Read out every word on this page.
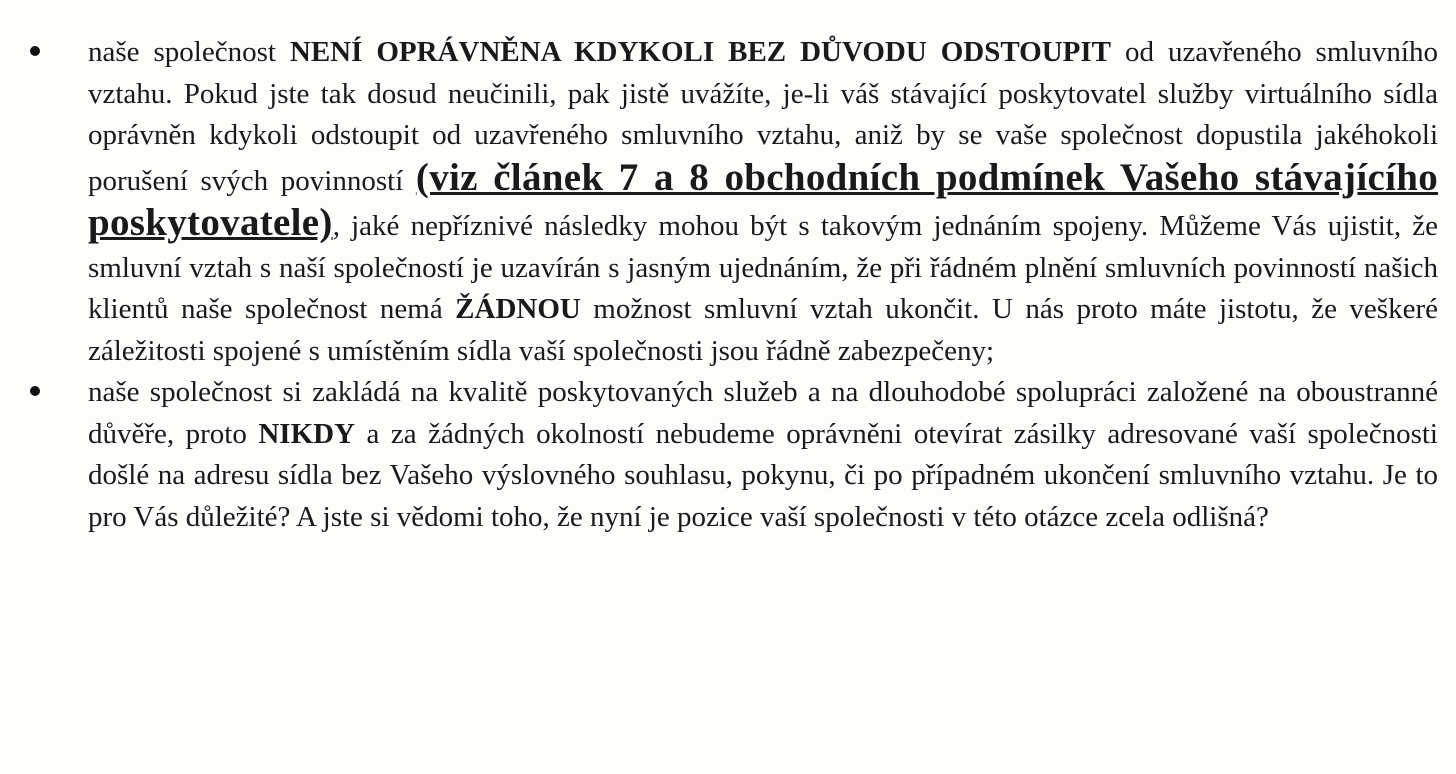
naše společnost NENÍ OPRÁVNĚNA KDYKOLI BEZ DŮVODU ODSTOUPIT od uzavřeného smluvního vztahu. Pokud jste tak dosud neučinili, pak jistě uvážíte, je-li váš stávající poskytovatel služby virtuálního sídla oprávněn kdykoli odstoupit od uzavřeného smluvního vztahu, aniž by se vaše společnost dopustila jakéhokoli porušení svých povinností (viz článek 7 a 8 obchodních podmínek Vašeho stávajícího poskytovatele), jaké nepříznivé následky mohou být s takovým jednáním spojeny. Můžeme Vás ujistit, že smluvní vztah s naší společností je uzavírán s jasným ujednáním, že při řádném plnění smluvních povinností našich klientů naše společnost nemá ŽÁDNOU možnost smluvní vztah ukončit. U nás proto máte jistotu, že veškeré záležitosti spojené s umístěním sídla vaší společnosti jsou řádně zabezpečeny;
naše společnost si zakládá na kvalitě poskytovaných služeb a na dlouhodobé spolupráci založené na oboustranné důvěře, proto NIKDY a za žádných okolností nebudeme oprávněni otevírat zásilky adresované vaší společnosti došlé na adresu sídla bez Vašeho výslovného souhlasu, pokynu, či po případném ukončení smluvního vztahu. Je to pro Vás důležité? A jste si vědomi toho, že nyní je pozice vaší společnosti v této otázce zcela odlišná?
